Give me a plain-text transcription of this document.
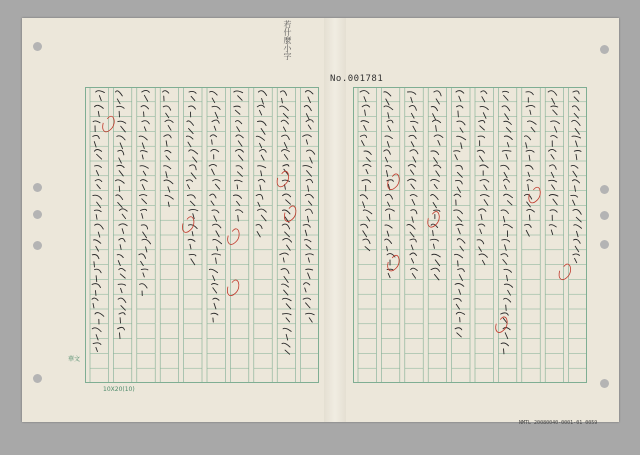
No.001781
若什麼小字
華文
10X20(10)
NMTL 20080040-0001-01 0059
